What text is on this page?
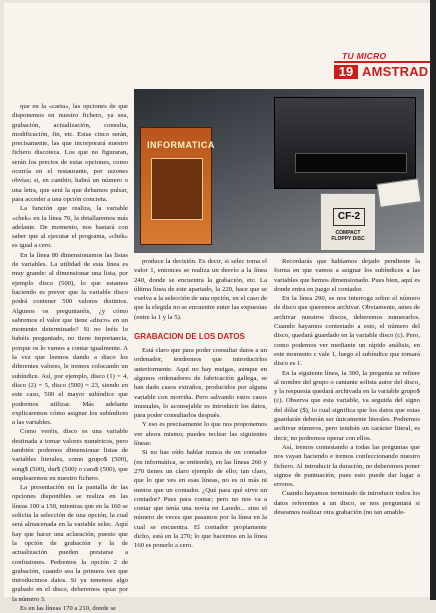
TU MICRO
19 AMSTRAD
INFORMATICA
CF-2
COMPACT FLOPPY DISC

que en la «carta», las opciones de que disponemos en nuestro fichero, ya sea, grabación, actualización, consulta, modificación, fin, etc. Estas cinco serán, precisamente, las que incorporará nuestro fichero discoteca. Los que no figuraran, serán los precios de estas opciones, como ocurría en el restaurante, por razones obvias; si, en cambio, habrá un número o una letra, que será la que debamos pulsar, para acceder a una opción concreta.

La función que realiza, la variable «chek» en la línea 70, la detallaremos más adelante. De momento, nos bastará con saber que al ejecutar el programa, «chek» es igual a cero.

En la línea 80 dimensionamos las listas de variables. La utilidad de esta línea es muy grande: al dimensionar una lista, por ejemplo disco (500), lo que estamos haciendo es prever que la variable disco podrá contener 500 valores distintos. Algunos os preguntaréis, ¿y cómo sabremos el valor que tiene «disco» en un momento determinado? Si no leéis lo habéis preguntado, no tiene importancia, porque os lo vamos a contar igualmente. A la vez que leemos dando a disco los diferentes valores, le iremos colocando un subíndice. Así, por ejemplo, disco (1) = 4, disco (2) = 5, disco (500) = 23, siendo en este caso, 500 el mayor subíndice que podremos utilizar. Más adelante explicaremos cómo asignar los subíndices a las variables.

Como veréis, disco es una variable destinada a tomar valores numéricos, pero también podemos dimensionar listas de variables literales, como grupo$ (500), song$ (500), dur$ (500) o cara$ (500), que emplearemos en nuestro fichero.

La presentación en la pantalla de las opciones disponibles se realiza en las líneas 100 a 150, mientras que en la 160 se solicita la selección de una opción, la cual será almacenada en la variable selec. Aquí hay que hacer una aclaración, puesto que la opción de grabación y la de actualización pueden prestarse a confusiones. Pedremos la opción 2 de grabación, cuando sea la primera vez que introducimos datos. Si ya tenemos algo grabado en el disco, deberemos optar por la número 3.

Es en las líneas 170 a 210, donde se

produce la decisión. Es decir, si selec toma el valor 1, entonces se realiza un desvío a la línea 240, donde se encuentra la grabación, etc. La última línea de este apartado, la 220, hace que se vuelva a la selección de una opción, en el caso de que la elegida no se encuentre entre las expuestas (entre la 1 y la 5).

GRABACION DE LOS DATOS

Está claro que para poder consultar datos a un ordenador, tendremos que introducirlos anteriormente. Aquí no hay meigas, aunque en algunos ordenadores de fabricación gallega, se han dado casos extraños, producidos por alguna variable con morriña. Pero salvando estos casos inusuales, lo aconsejable es introducir los datos, para poder consultarlos después.

Y eso es precisamente lo que nos proponemos ver ahora mismo; puedes teclear las siguientes líneas:

Si no has oído hablar nunca de un contador (en informática, se entiende), en las líneas 260 y 270 tienes un claro ejemplo de ello; tan claro, que lo que ves en esas líneas, no es ni más ni menos que un contador. ¿Qué para qué sirve un contador? Pues para contar; pero no nos va a contar que tenía una novia en Laredo... sino el número de veces que pasamos por la línea en la cual se encuentra. El contador propiamente dicho, está en la 270; lo que hacemos en la línea 160 es ponerlo a cero.

Recordarás que habíamos dejado pendiente la forma en que vamos a asignar los subíndices a las variables que hemos dimensionado. Pues bien, aquí es donde entra en juego el contador.

En la línea 290, se nos interroga sobre el número de disco que queremos archivar. Obviamente, antes de archivar nuestros discos, deberemos numerarlos. Cuando hayamos contestado a esto, el número del disco, quedará guardado en la variable disco (c). Pero, como podemos ver mediante un rápido análisis, en este momento c vale 1, luego el subíndice que tomará disco es 1.

En la siguiente línea, la 300, la pregunta se refiere al nombre del grupo o cantante solista autor del disco, y la respuesta quedará archivada en la variable grupo$ (c). Observa que esta variable, va seguida del signo del dólar ($), lo cual significa que los datos que estas guardarán deberán ser únicamente literales. Podremos archivar números, pero tendrán un carácter literal, es decir, no podremos operar con ellos.

Así, iremos contestando a todas las preguntas que nos vayan haciendo e iremos confeccionando nuestro fichero. Al introducir la duración, no deberemos poner signos de puntuación, pues esto puede dar lugar a errores.

Cuando hayamos terminado de introducir todos los datos referentes a un disco, se nos preguntará si deseamos realizar otra grabación (no tan amable-
